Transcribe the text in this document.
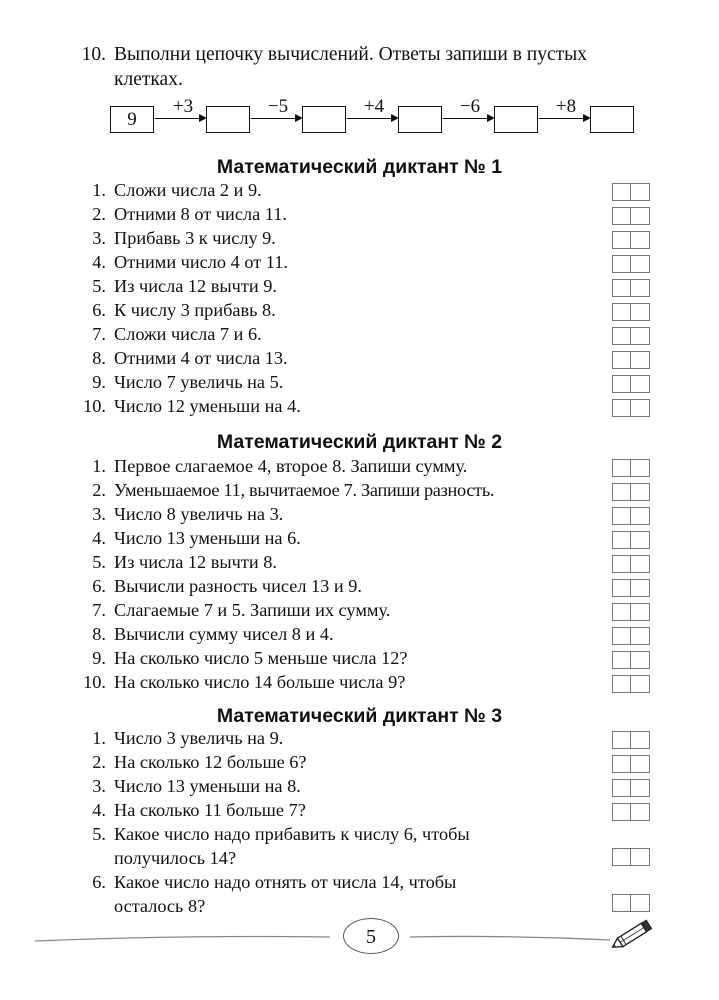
10. Выполни цепочку вычислений. Ответы запиши в пустых
клетках.
9
+3	−5	+4	−6	+8
Математический диктант № 1
1. Сложи числа 2 и 9.
2. Отними 8 от числа 11.
3. Прибавь 3 к числу 9.
4. Отними число 4 от 11.
5. Из числа 12 вычти 9.
6. К числу 3 прибавь 8.
7. Сложи числа 7 и 6.
8. Отними 4 от числа 13.
9. Число 7 увеличь на 5.
10. Число 12 уменьши на 4.
Математический диктант № 2
1. Первое слагаемое 4, второе 8. Запиши сумму.
2. Уменьшаемое 11, вычитаемое 7. Запиши разность.
3. Число 8 увеличь на 3.
4. Число 13 уменьши на 6.
5. Из числа 12 вычти 8.
6. Вычисли разность чисел 13 и 9.
7. Слагаемые 7 и 5. Запиши их сумму.
8. Вычисли сумму чисел 8 и 4.
9. На сколько число 5 меньше числа 12?
10. На сколько число 14 больше числа 9?
Математический диктант № 3
1. Число 3 увеличь на 9.
2. На сколько 12 больше 6?
3. Число 13 уменьши на 8.
4. На сколько 11 больше 7?
5. Какое число надо прибавить к числу 6, чтобы
получилось 14?
6. Какое число надо отнять от числа 14, чтобы
осталось 8?
5
